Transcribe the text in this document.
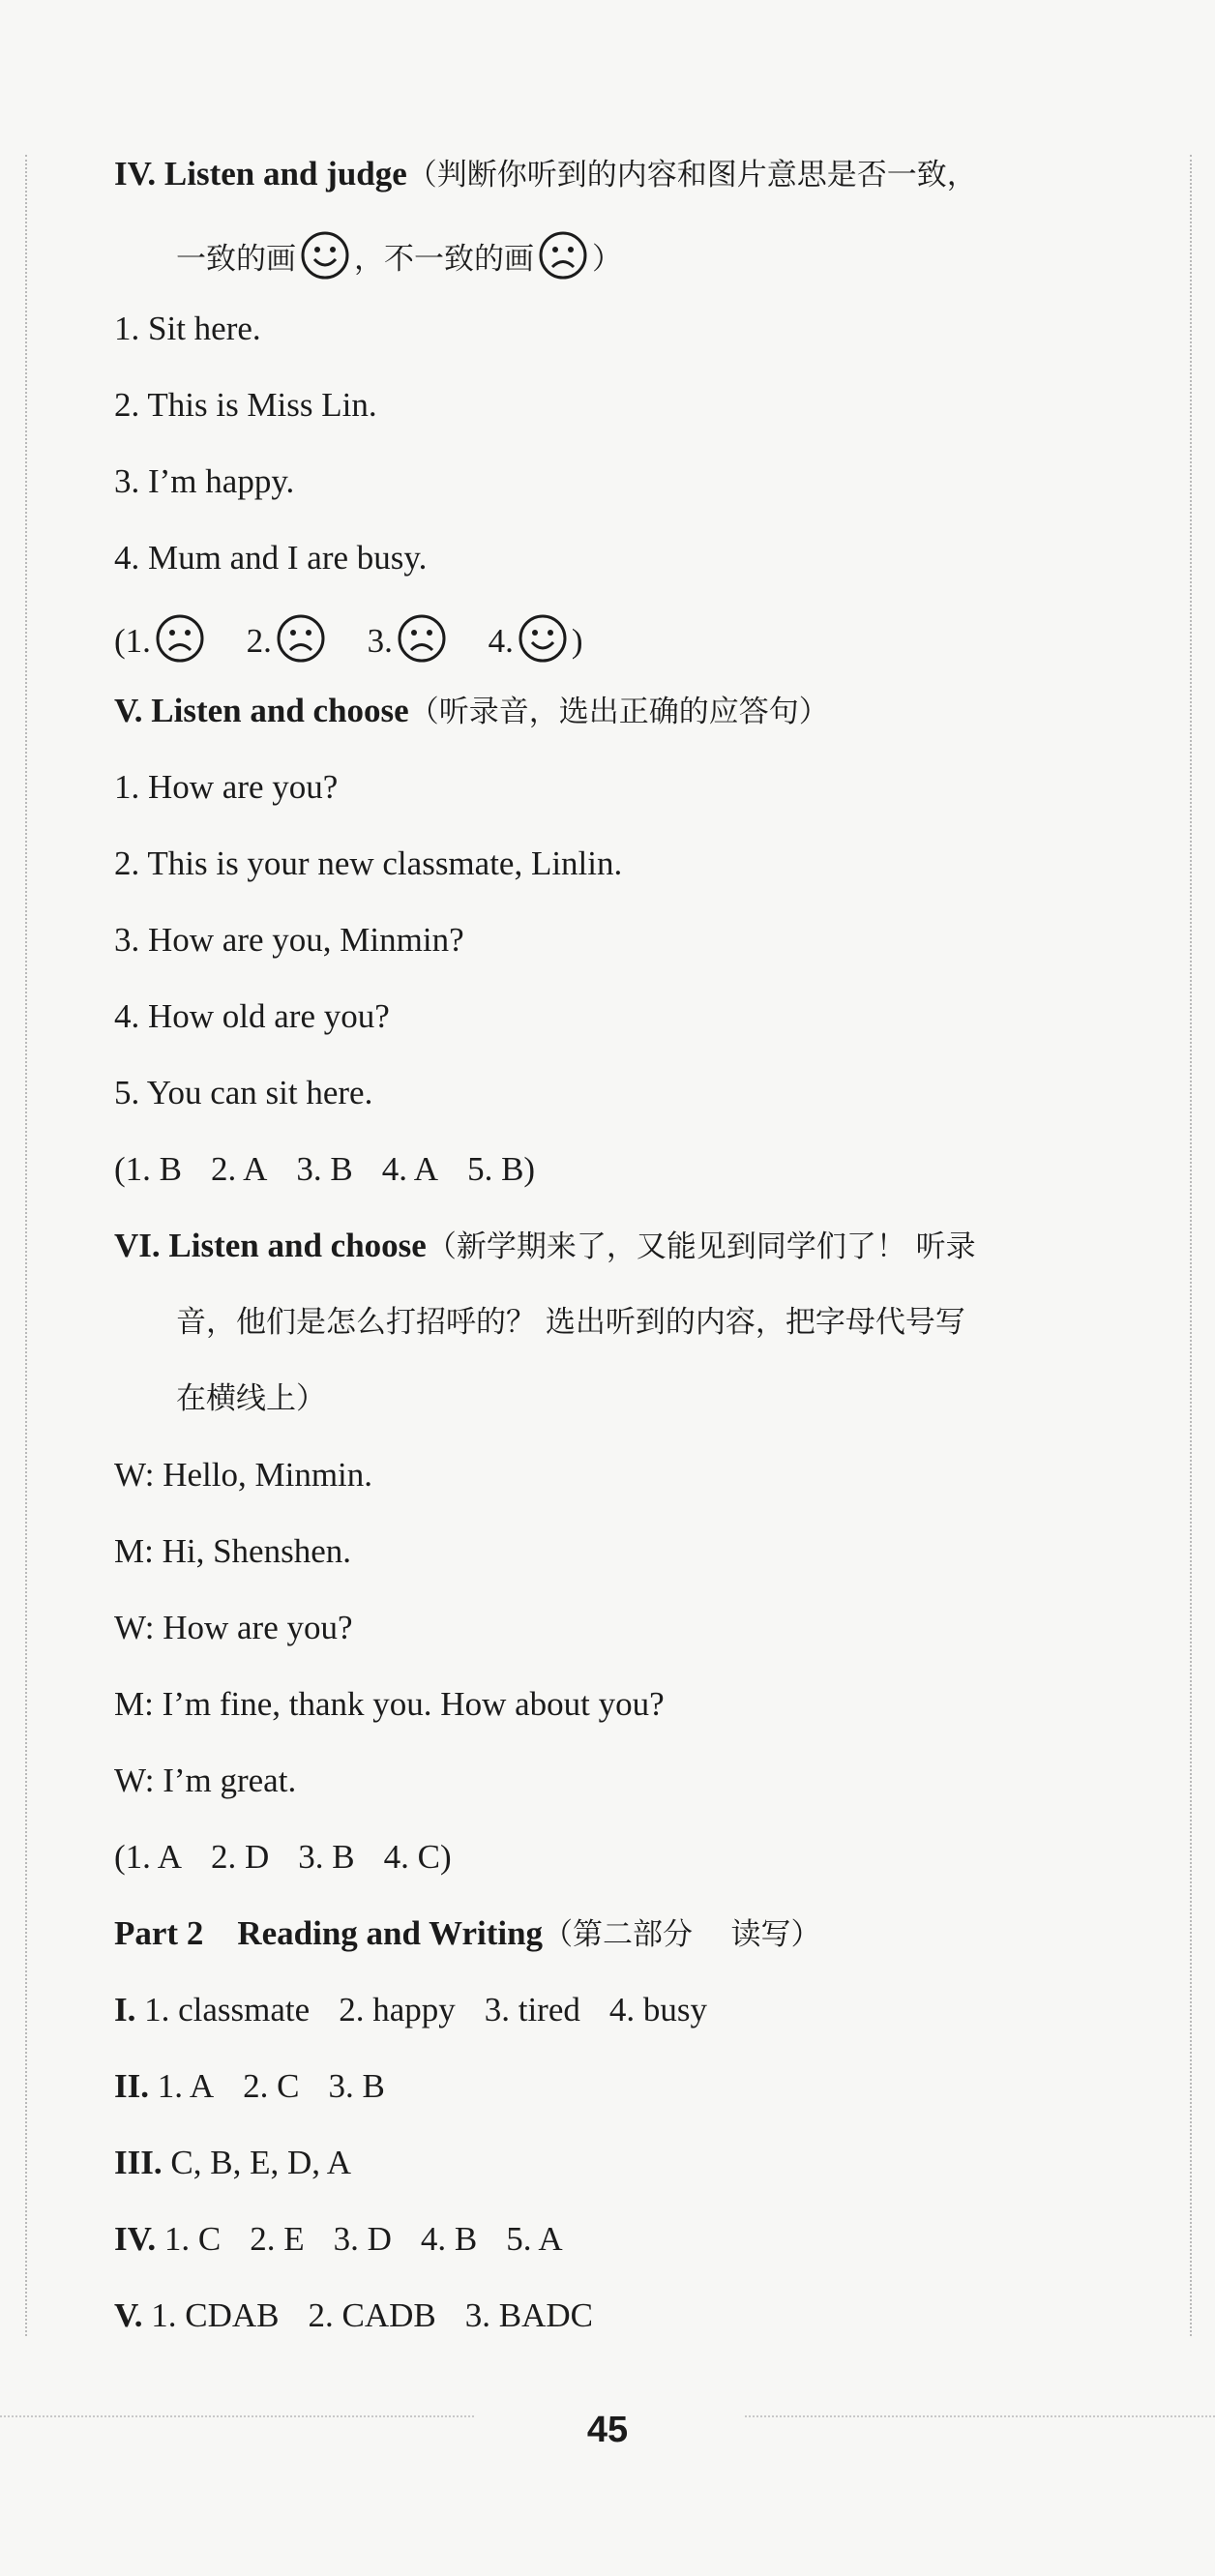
IV. Listen and judge（判断你听到的内容和图片意思是否一致，
一致的画 ，不一致的画 ）
1. Sit here.
2. This is Miss Lin.
3. I’m happy.
4. Mum and I are busy.
(1.	2.	3.	4. )
V. Listen and choose（听录音，选出正确的应答句）
1. How are you?
2. This is your new classmate, Linlin.
3. How are you, Minmin?
4. How old are you?
5. You can sit here.
(1. B 2. A 3. B 4. A 5. B)
VI. Listen and choose（新学期来了，又能见到同学们了！ 听录
音，他们是怎么打招呼的？ 选出听到的内容，把字母代号写
在横线上）
W: Hello, Minmin.
M: Hi, Shenshen.
W: How are you?
M: I’m fine, thank you. How about you?
W: I’m great.
(1. A 2. D 3. B 4. C)
Part 2    Reading and Writing（第二部分    读写）
I. 1. classmate 2. happy 3. tired 4. busy
II. 1. A 2. C 3. B
III. C, B, E, D, A
IV. 1. C 2. E 3. D 4. B 5. A
V. 1. CDAB 2. CADB 3. BADC
45
